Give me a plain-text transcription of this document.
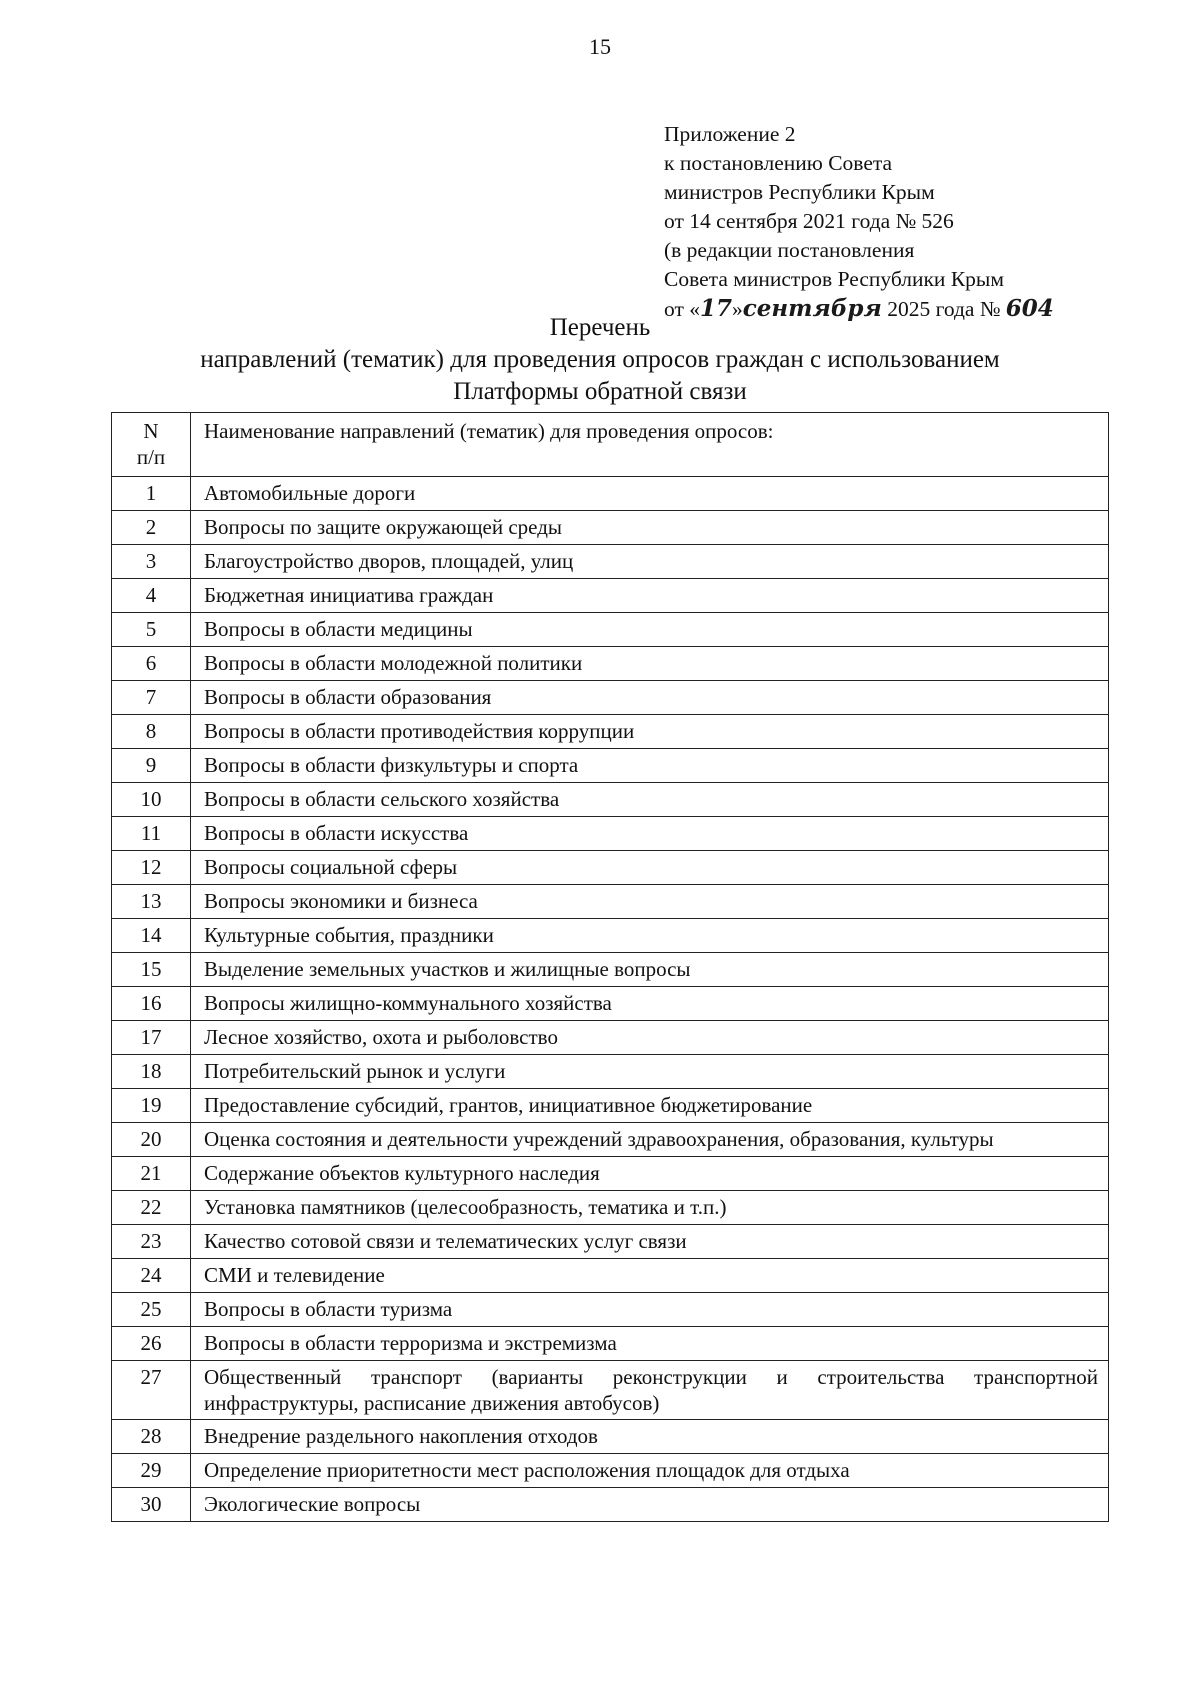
15
Приложение 2
к постановлению Совета
министров Республики Крым
от 14 сентября 2021 года № 526
(в редакции постановления
Совета министров Республики Крым
от «17»сентября 2025 года № 604
Перечень
направлений (тематик) для проведения опросов граждан с использованием
Платформы обратной связи
N
п/п	Наименование направлений (тематик) для проведения опросов:
1	Автомобильные дороги
2	Вопросы по защите окружающей среды
3	Благоустройство дворов, площадей, улиц
4	Бюджетная инициатива граждан
5	Вопросы в области медицины
6	Вопросы в области молодежной политики
7	Вопросы в области образования
8	Вопросы в области противодействия коррупции
9	Вопросы в области физкультуры и спорта
10	Вопросы в области сельского хозяйства
11	Вопросы в области искусства
12	Вопросы социальной сферы
13	Вопросы экономики и бизнеса
14	Культурные события, праздники
15	Выделение земельных участков и жилищные вопросы
16	Вопросы жилищно-коммунального хозяйства
17	Лесное хозяйство, охота и рыболовство
18	Потребительский рынок и услуги
19	Предоставление субсидий, грантов, инициативное бюджетирование
20	Оценка состояния и деятельности учреждений здравоохранения, образования, культуры
21	Содержание объектов культурного наследия
22	Установка памятников (целесообразность, тематика и т.п.)
23	Качество сотовой связи и телематических услуг связи
24	СМИ и телевидение
25	Вопросы в области туризма
26	Вопросы в области терроризма и экстремизма
27	Общественный транспорт (варианты реконструкции и строительства транспортной инфраструктуры, расписание движения автобусов)
28	Внедрение раздельного накопления отходов
29	Определение приоритетности мест расположения площадок для отдыха
30	Экологические вопросы
